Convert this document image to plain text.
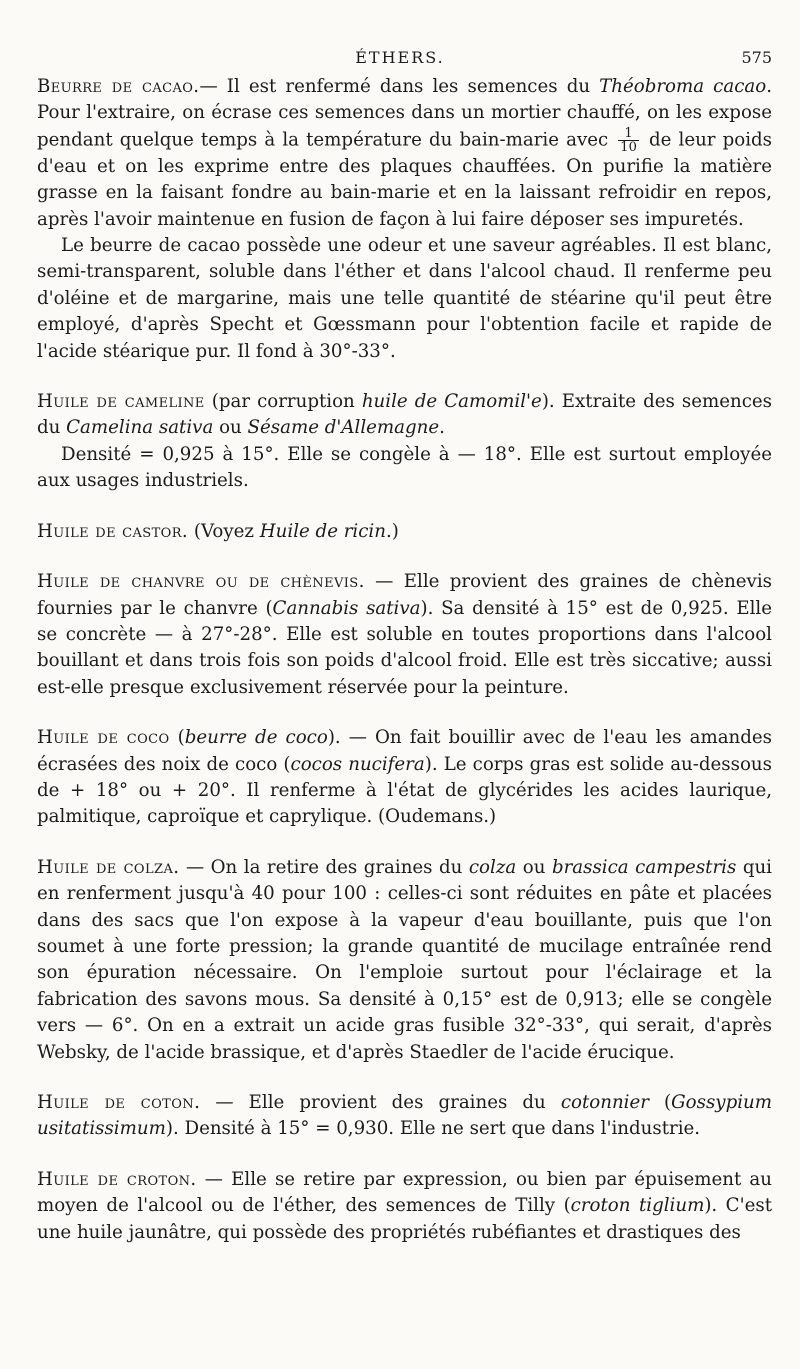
ÉTHERS.	575

Beurre de cacao.— Il est renfermé dans les semences du Théobroma cacao. Pour l'extraire, on écrase ces semences dans un mortier chauffé, on les expose pendant quelque temps à la température du bain-marie avec $\frac{1}{10}$ de leur poids d'eau et on les exprime entre des plaques chauffées. On purifie la matière grasse en la faisant fondre au bain-marie et en la laissant refroidir en repos, après l'avoir maintenue en fusion de façon à lui faire déposer ses impuretés.

Le beurre de cacao possède une odeur et une saveur agréables. Il est blanc, semi-transparent, soluble dans l'éther et dans l'alcool chaud. Il renferme peu d'oléine et de margarine, mais une telle quantité de stéarine qu'il peut être employé, d'après Specht et Gœssmann pour l'obtention facile et rapide de l'acide stéarique pur. Il fond à 30°-33°.

Huile de cameline (par corruption huile de Camomil'e). Extraite des semences du Camelina sativa ou Sésame d'Allemagne.

Densité = 0,925 à 15°. Elle se congèle à — 18°. Elle est surtout employée aux usages industriels.

Huile de castor. (Voyez Huile de ricin.)

Huile de chanvre ou de chènevis. — Elle provient des graines de chènevis fournies par le chanvre (Cannabis sativa). Sa densité à 15° est de 0,925. Elle se concrète — à 27°-28°. Elle est soluble en toutes proportions dans l'alcool bouillant et dans trois fois son poids d'alcool froid. Elle est très siccative; aussi est-elle presque exclusivement réservée pour la peinture.

Huile de coco (beurre de coco). — On fait bouillir avec de l'eau les amandes écrasées des noix de coco (cocos nucifera). Le corps gras est solide au-dessous de + 18° ou + 20°. Il renferme à l'état de glycérides les acides laurique, palmitique, caproïque et caprylique. (Oudemans.)

Huile de colza. — On la retire des graines du colza ou brassica campestris qui en renferment jusqu'à 40 pour 100 : celles-ci sont réduites en pâte et placées dans des sacs que l'on expose à la vapeur d'eau bouillante, puis que l'on soumet à une forte pression; la grande quantité de mucilage entraînée rend son épuration nécessaire. On l'emploie surtout pour l'éclairage et la fabrication des savons mous. Sa densité à 0,15° est de 0,913; elle se congèle vers — 6°. On en a extrait un acide gras fusible 32°-33°, qui serait, d'après Websky, de l'acide brassique, et d'après Staedler de l'acide érucique.

Huile de coton. — Elle provient des graines du cotonnier (Gossypium usitatissimum). Densité à 15° = 0,930. Elle ne sert que dans l'industrie.

Huile de croton. — Elle se retire par expression, ou bien par épuisement au moyen de l'alcool ou de l'éther, des semences de Tilly (croton tiglium). C'est une huile jaunâtre, qui possède des propriétés rubéfiantes et drastiques des
